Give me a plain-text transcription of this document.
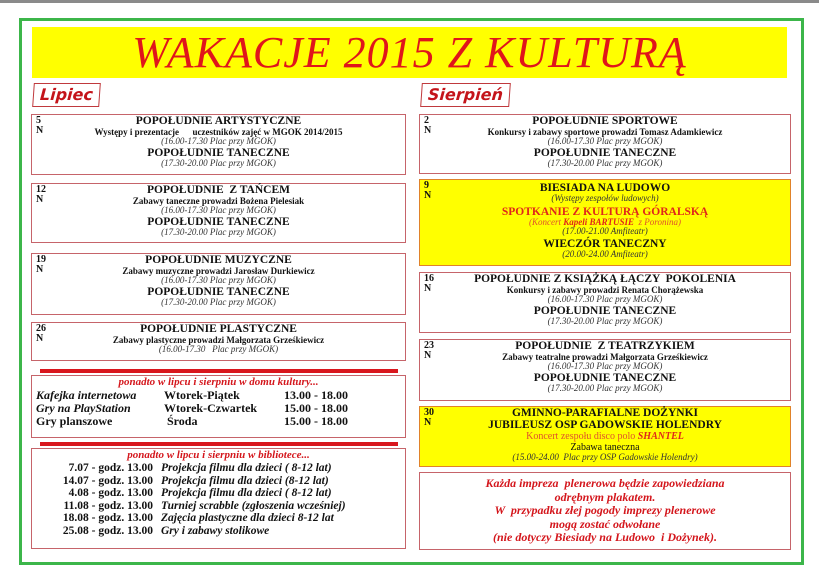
WAKACJE 2015 Z KULTURĄ
Lipiec	Sierpień
5
N
POPOŁUDNIE ARTYSTYCZNE
Występy i prezentacje      uczestników zajęć w MGOK 2014/2015
(16.00-17.30 Plac przy MGOK)
POPOŁUDNIE TANECZNE
(17.30-20.00 Plac przy MGOK)
12
N
POPOŁUDNIE  Z TAŃCEM
Zabawy taneczne prowadzi Bożena Pielesiak
(16.00-17.30 Plac przy MGOK)
POPOŁUDNIE TANECZNE
(17.30-20.00 Plac przy MGOK)
19
N
POPOŁUDNIE MUZYCZNE
Zabawy muzyczne prowadzi Jarosław Durkiewicz
(16.00-17.30 Plac przy MGOK)
POPOŁUDNIE TANECZNE
(17.30-20.00 Plac przy MGOK)
26
N
POPOŁUDNIE PLASTYCZNE
Zabawy plastyczne prowadzi Małgorzata Grześkiewicz
(16.00-17.30   Plac przy MGOK)
ponadto w lipcu i sierpniu w domu kultury...
Kafejka internetowa	Wtorek-Piątek	13.00 - 18.00
Gry na PlayStation	Wtorek-Czwartek	15.00 - 18.00
Gry planszowe	Środa	15.00 - 18.00
ponadto w lipcu i sierpniu w bibliotece...
7.07 - godz. 13.00	Projekcja filmu dla dzieci ( 8-12 lat)
14.07 - godz. 13.00	Projekcja filmu dla dzieci (8-12 lat)
4.08 - godz. 13.00	Projekcja filmu dla dzieci ( 8-12 lat)
11.08 - godz. 13.00	Turniej scrabble (zgłoszenia wcześniej)
18.08 - godz. 13.00	Zajęcia plastyczne dla dzieci 8-12 lat
25.08 - godz. 13.00	Gry i zabawy stolikowe
2
N
POPOŁUDNIE SPORTOWE
Konkursy i zabawy sportowe prowadzi Tomasz Adamkiewicz
(16.00-17.30 Plac przy MGOK)
POPOŁUDNIE TANECZNE
(17.30-20.00 Plac przy MGOK)
9
N
BIESIADA NA LUDOWO
(Występy zespołów ludowych)
SPOTKANIE Z KULTURĄ GÓRALSKĄ
(Koncert Kapeli BARTUSIE  z Poronina)
(17.00-21.00 Amfiteatr)
WIECZÓR TANECZNY
(20.00-24.00 Amfiteatr)
16
N
POPOŁUDNIE Z KSIĄŻKĄ ŁĄCZY  POKOLENIA
Konkursy i zabawy prowadzi Renata Chorążewska
(16.00-17.30 Plac przy MGOK)
POPOŁUDNIE TANECZNE
(17.30-20.00 Plac przy MGOK)
23
N
POPOŁUDNIE  Z TEATRZYKIEM
Zabawy teatralne prowadzi Małgorzata Grześkiewicz
(16.00-17.30 Plac przy MGOK)
POPOŁUDNIE TANECZNE
(17.30-20.00 Plac przy MGOK)
30
N
GMINNO-PARAFIALNE DOŻYNKI
JUBILEUSZ OSP GADOWSKIE HOLENDRY
Koncert zespołu disco polo SHANTEL
Zabawa taneczna
(15.00-24.00  Plac przy OSP Gadowskie Holendry)
Każda impreza  plenerowa będzie zapowiedziana
odrębnym plakatem.
W  przypadku złej pogody imprezy plenerowe
mogą zostać odwołane
(nie dotyczy Biesiady na Ludowo  i Dożynek).
